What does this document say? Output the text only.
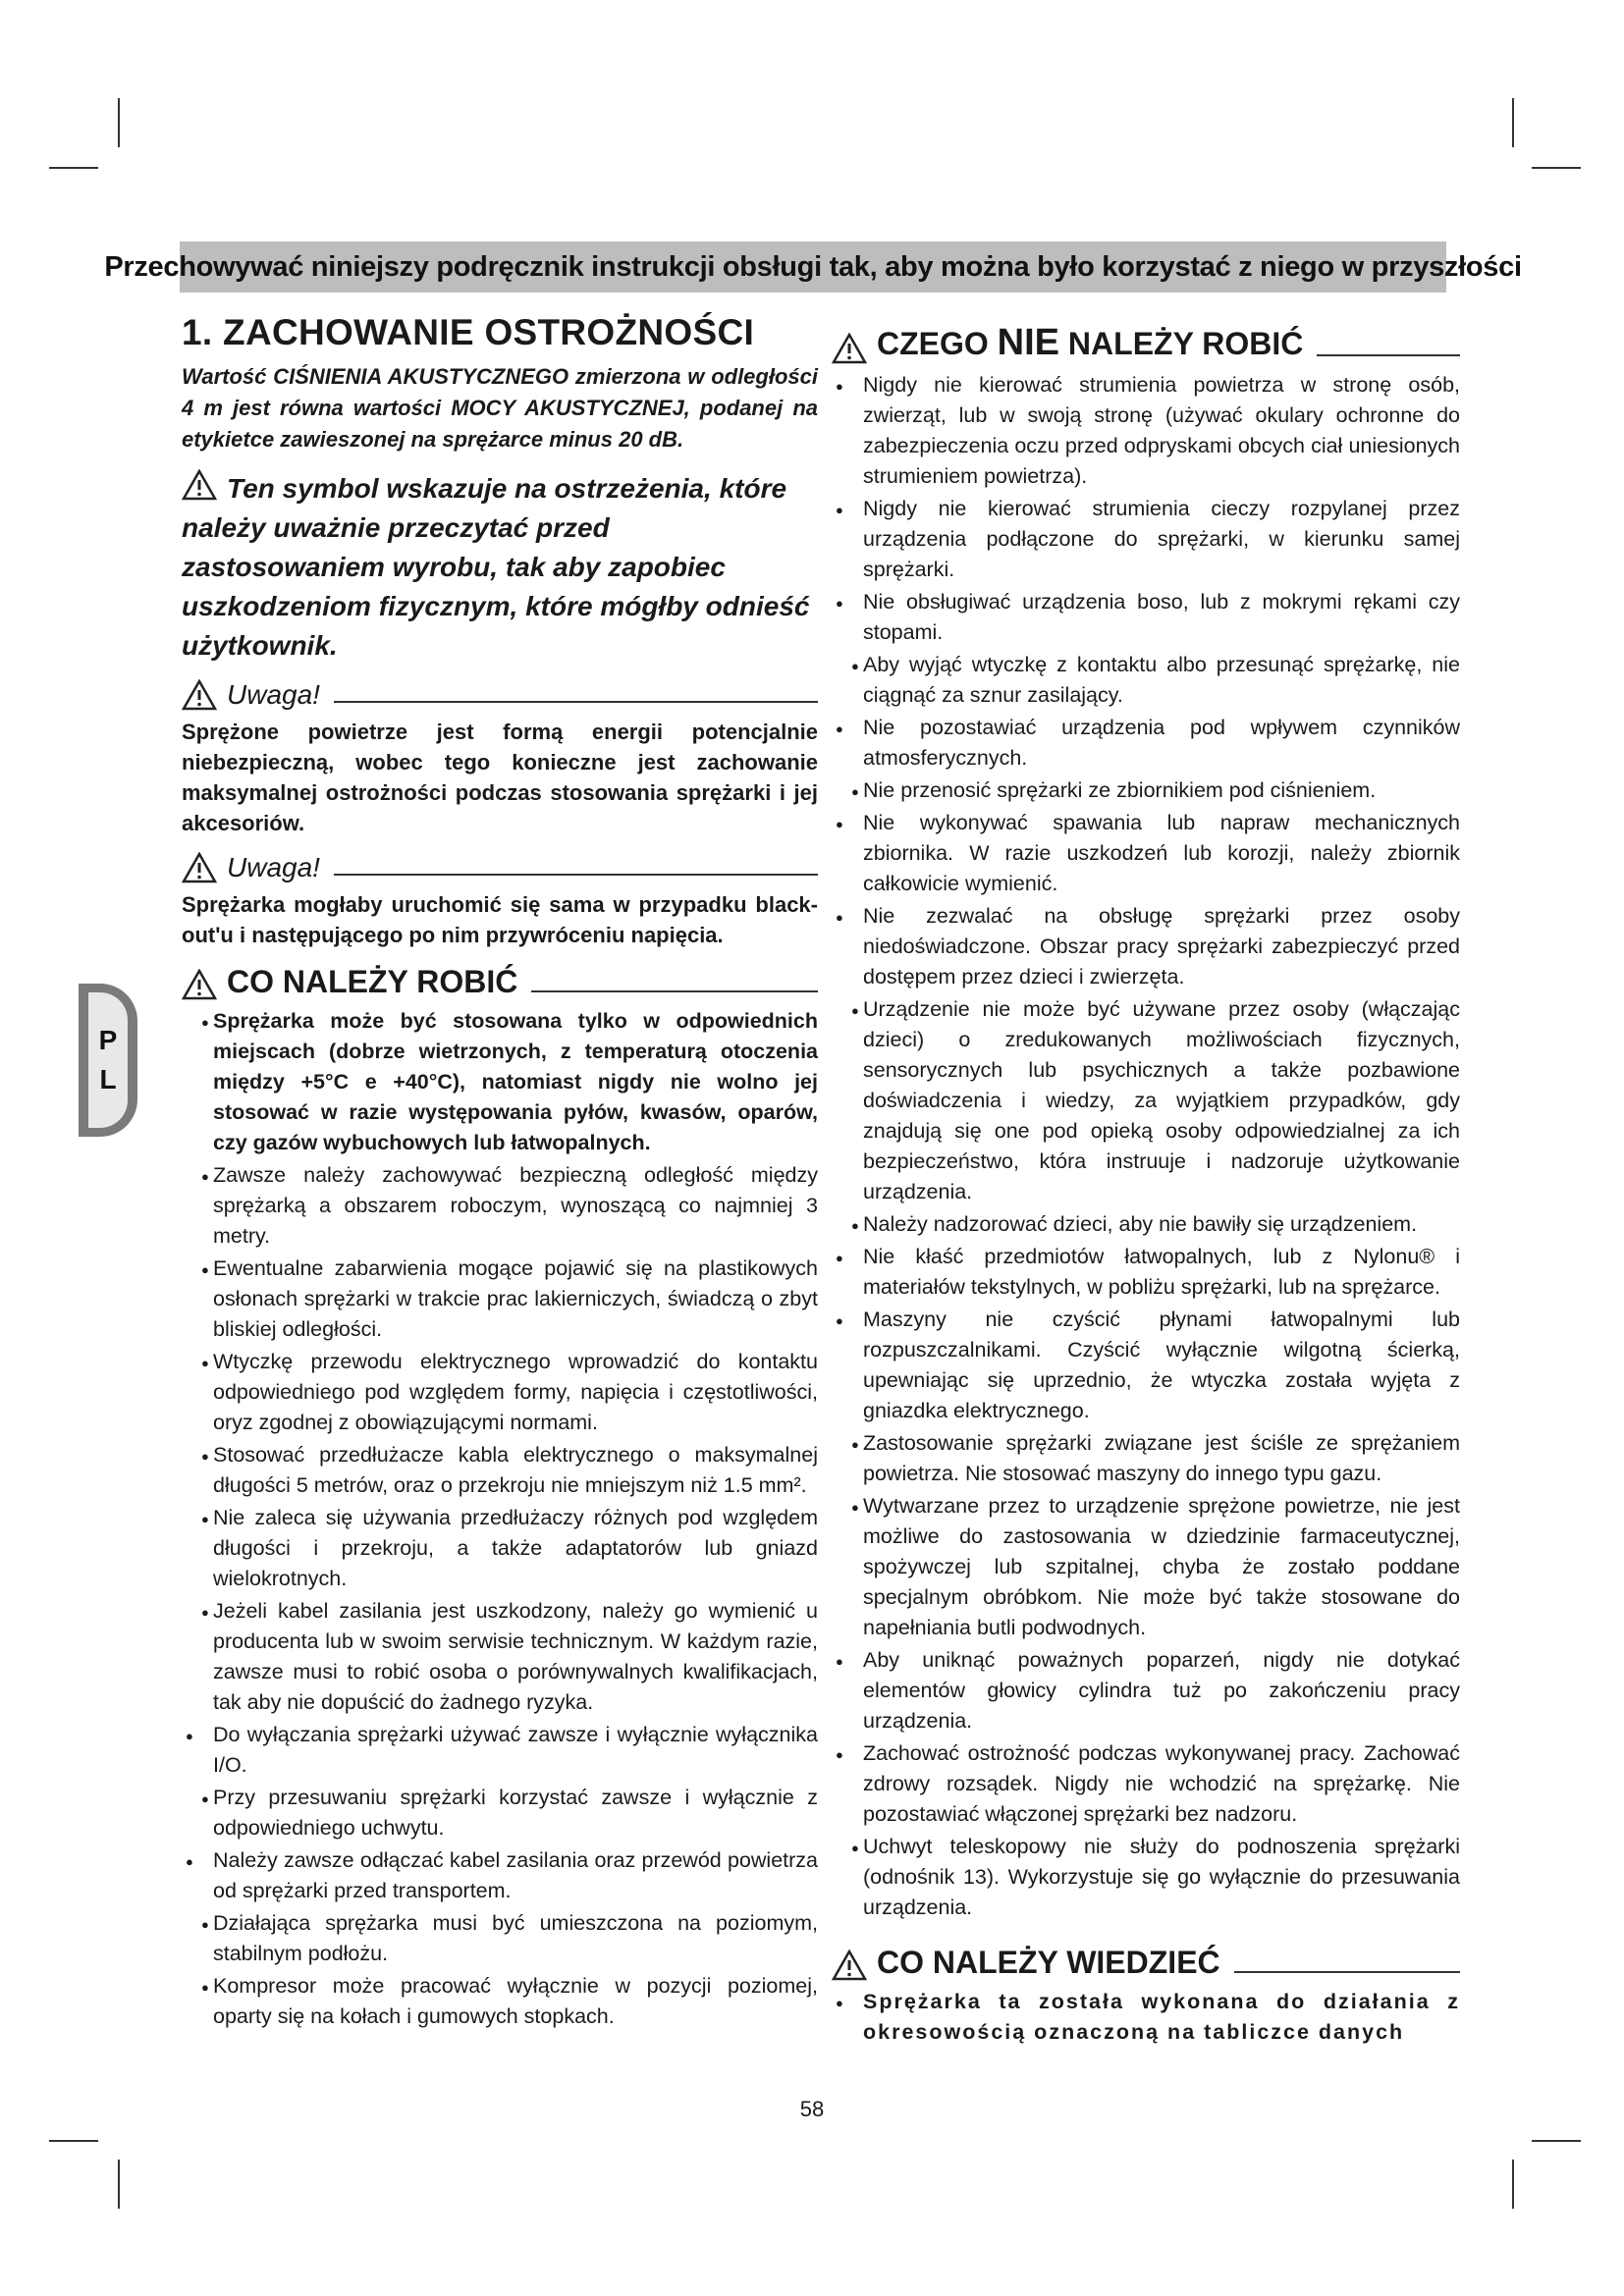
Przechowywać niniejszy podręcznik instrukcji obsługi tak, aby można było korzystać z niego w przyszłości
P
L
1. ZACHOWANIE OSTROŻNOŚCI
Wartość CIŚNIENIA AKUSTYCZNEGO zmierzona w odległości 4 m jest równa wartości MOCY AKUSTYCZNEJ, podanej na etykietce zawieszonej na sprężarce minus 20 dB.
Ten symbol wskazuje na ostrzeżenia, które należy uważnie przeczytać przed zastosowaniem wyrobu, tak aby zapobiec uszkodzeniom fizycznym, które mógłby odnieść użytkownik.
Uwaga!
Sprężone powietrze jest formą energii potencjalnie niebezpieczną, wobec tego konieczne jest zachowanie maksymalnej ostrożności podczas stosowania sprężarki i jej akcesoriów.
Uwaga!
Sprężarka mogłaby uruchomić się sama w przypadku black-out'u i następującego po nim przywróceniu napięcia.
CO NALEŻY ROBIĆ
● Sprężarka może być stosowana tylko w odpowiednich miejscach (dobrze wietrzonych, z temperaturą otoczenia między +5°C e +40°C), natomiast nigdy nie wolno jej stosować w razie występowania pyłów, kwasów, oparów, czy gazów wybuchowych lub łatwopalnych.
● Zawsze należy zachowywać bezpieczną odległość między sprężarką a obszarem roboczym, wynoszącą co najmniej 3 metry.
● Ewentualne zabarwienia mogące pojawić się na plastikowych osłonach sprężarki w trakcie prac lakierniczych, świadczą o zbyt bliskiej odległości.
● Wtyczkę przewodu elektrycznego wprowadzić do kontaktu odpowiedniego pod względem formy, napięcia i częstotliwości, oryz zgodnej z obowiązującymi normami.
● Stosować przedłużacze kabla elektrycznego o maksymalnej długości 5 metrów, oraz o przekroju nie mniejszym niż 1.5 mm².
● Nie zaleca się używania przedłużaczy różnych pod względem długości i przekroju, a także adaptatorów lub gniazd wielokrotnych.
● Jeżeli kabel zasilania jest uszkodzony, należy go wymienić u producenta lub w swoim serwisie technicznym. W każdym razie, zawsze musi to robić osoba o porównywalnych kwalifikacjach, tak aby nie dopuścić do żadnego ryzyka.
● Do wyłączania sprężarki używać zawsze i wyłącznie wyłącznika I/O.
● Przy przesuwaniu sprężarki korzystać zawsze i wyłącznie z odpowiedniego uchwytu.
● Należy zawsze odłączać kabel zasilania oraz przewód powietrza od sprężarki przed transportem.
● Działająca sprężarka musi być umieszczona na poziomym, stabilnym podłożu.
● Kompresor może pracować wyłącznie w pozycji poziomej, oparty się na kołach i gumowych stopkach.
CZEGO NIE NALEŻY ROBIĆ
● Nigdy nie kierować strumienia powietrza w stronę osób, zwierząt, lub w swoją stronę (używać okulary ochronne do zabezpieczenia oczu przed odpryskami obcych ciał uniesionych strumieniem powietrza).
● Nigdy nie kierować strumienia cieczy rozpylanej przez urządzenia podłączone do sprężarki, w kierunku samej sprężarki.
● Nie obsługiwać urządzenia boso, lub z mokrymi rękami czy stopami.
● Aby wyjąć wtyczkę z kontaktu albo przesunąć sprężarkę, nie ciągnąć za sznur zasilający.
● Nie pozostawiać urządzenia pod wpływem czynników atmosferycznych.
● Nie przenosić sprężarki ze zbiornikiem pod ciśnieniem.
● Nie wykonywać spawania lub napraw mechanicznych zbiornika. W razie uszkodzeń lub korozji, należy zbiornik całkowicie wymienić.
● Nie zezwalać na obsługę sprężarki przez osoby niedoświadczone. Obszar pracy sprężarki zabezpieczyć przed dostępem przez dzieci i zwierzęta.
● Urządzenie nie może być używane przez osoby (włączając dzieci) o zredukowanych możliwościach fizycznych, sensorycznych lub psychicznych a także pozbawione doświadczenia i wiedzy, za wyjątkiem przypadków, gdy znajdują się one pod opieką osoby odpowiedzialnej za ich bezpieczeństwo, która instruuje i nadzoruje użytkowanie urządzenia.
● Należy nadzorować dzieci, aby nie bawiły się urządzeniem.
● Nie kłaść przedmiotów łatwopalnych, lub z Nylonu® i materiałów tekstylnych, w pobliżu sprężarki, lub na sprężarce.
● Maszyny nie czyścić płynami łatwopalnymi lub rozpuszczalnikami. Czyścić wyłącznie wilgotną ścierką, upewniając się uprzednio, że wtyczka została wyjęta z gniazdka elektrycznego.
● Zastosowanie sprężarki związane jest ściśle ze sprężaniem powietrza. Nie stosować maszyny do innego typu gazu.
● Wytwarzane przez to urządzenie sprężone powietrze, nie jest możliwe do zastosowania w dziedzinie farmaceutycznej, spożywczej lub szpitalnej, chyba że zostało poddane specjalnym obróbkom. Nie może być także stosowane do napełniania butli podwodnych.
● Aby uniknąć poważnych poparzeń, nigdy nie dotykać elementów głowicy cylindra tuż po zakończeniu pracy urządzenia.
● Zachować ostrożność podczas wykonywanej pracy. Zachować zdrowy rozsądek. Nigdy nie wchodzić na sprężarkę. Nie pozostawiać włączonej sprężarki bez nadzoru.
● Uchwyt teleskopowy nie służy do podnoszenia sprężarki (odnośnik 13). Wykorzystuje się go wyłącznie do przesuwania urządzenia.
CO NALEŻY WIEDZIEĆ
● Sprężarka ta została wykonana do działania z okresowością oznaczoną na tabliczce danych
58
